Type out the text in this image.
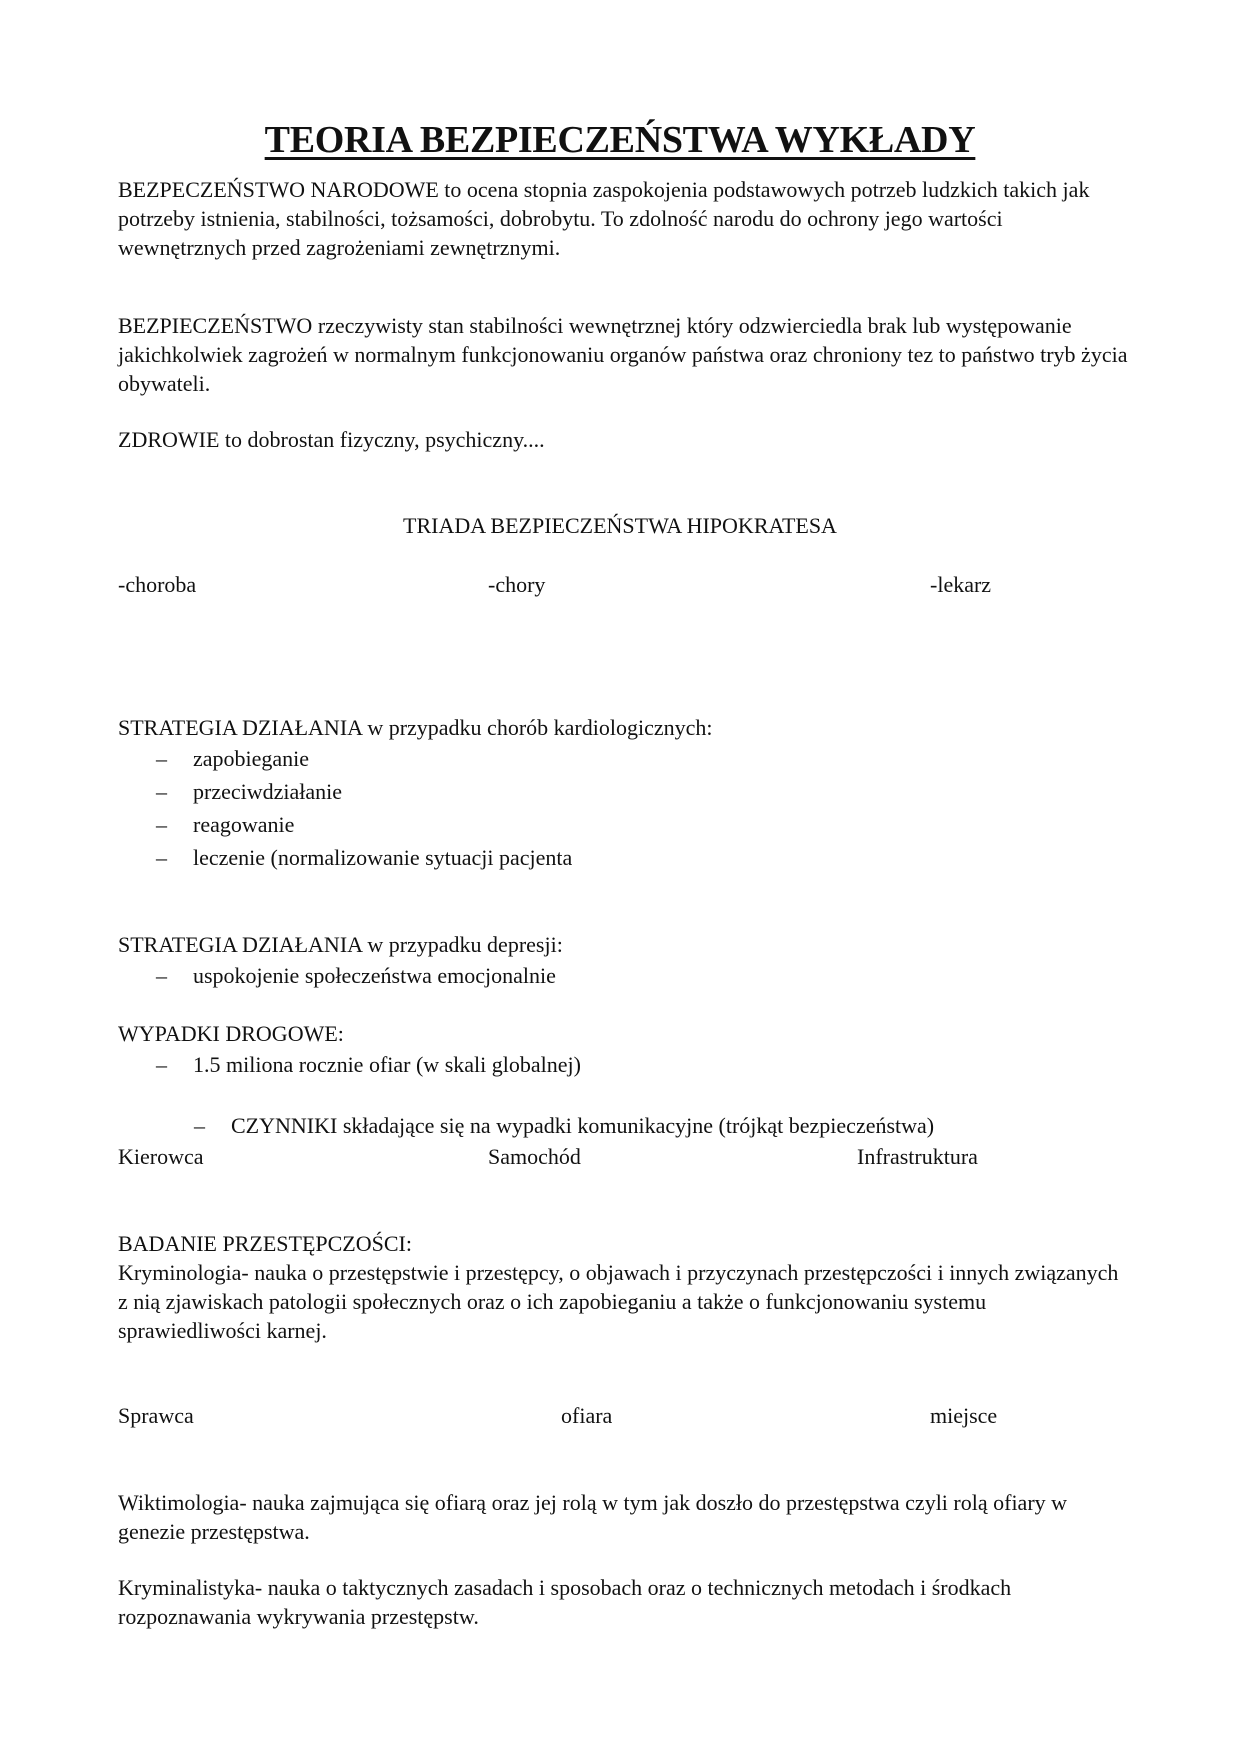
TEORIA BEZPIECZEŃSTWA WYKŁADY

BEZPECZEŃSTWO NARODOWE to ocena stopnia zaspokojenia podstawowych potrzeb ludzkich takich jak potrzeby istnienia, stabilności, tożsamości, dobrobytu. To zdolność narodu do ochrony jego wartości wewnętrznych przed zagrożeniami zewnętrznymi.

BEZPIECZEŃSTWO rzeczywisty stan stabilności wewnętrznej który odzwierciedla brak lub występowanie jakichkolwiek zagrożeń w normalnym funkcjonowaniu organów państwa oraz chroniony tez to państwo tryb życia obywateli.

ZDROWIE to dobrostan fizyczny, psychiczny....

TRIADA BEZPIECZEŃSTWA HIPOKRATESA

-choroba	-chory	-lekarz

STRATEGIA DZIAŁANIA w przypadku chorób kardiologicznych:

– zapobieganie
– przeciwdziałanie
– reagowanie
– leczenie (normalizowanie sytuacji pacjenta

STRATEGIA DZIAŁANIA w przypadku depresji:

– uspokojenie społeczeństwa emocjonalnie

WYPADKI DROGOWE:

– 1.5 miliona rocznie ofiar (w skali globalnej)
– CZYNNIKI składające się na wypadki komunikacyjne (trójkąt bezpieczeństwa)
Kierowca	Samochód	Infrastruktura

BADANIE PRZESTĘPCZOŚCI:

Kryminologia- nauka o przestępstwie i przestępcy, o objawach i przyczynach przestępczości i innych związanych z nią zjawiskach patologii społecznych oraz o ich zapobieganiu a także o funkcjonowaniu systemu sprawiedliwości karnej.

Sprawca	ofiara	miejsce

Wiktimologia- nauka zajmująca się ofiarą oraz jej rolą w tym jak doszło do przestępstwa czyli rolą ofiary w genezie przestępstwa.

Kryminalistyka- nauka o taktycznych zasadach i sposobach oraz o technicznych metodach i środkach rozpoznawania wykrywania przestępstw.
